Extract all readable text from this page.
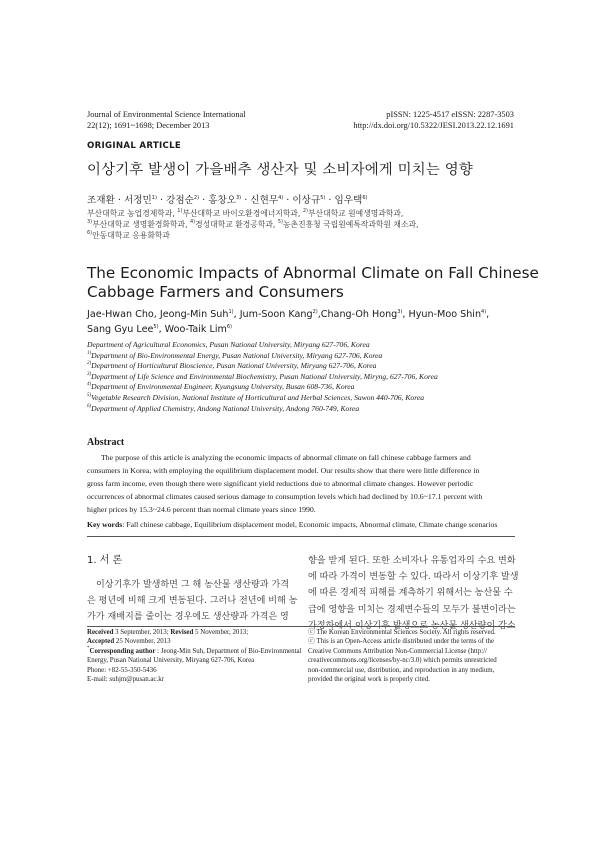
Journal of Environmental Science International
22(12); 1691~1698; December 2013
pISSN: 1225-4517 eISSN: 2287-3503
http://dx.doi.org/10.5322/JESI.2013.22.12.1691
ORIGINAL ARTICLE
이상기후 발생이 가을배추 생산자 및 소비자에게 미치는 영향
조재환 · 서정민$^{1)}$ · 강점순$^{2)}$ · 홍창오$^{3)}$ · 신현무$^{4)}$ · 이상규$^{5)}$ · 임우택$^{6)}$
부산대학교 농업경제학과, $^{1)}$부산대학교 바이오환경에너지학과, $^{2)}$부산대학교 원예생명과학과,
$^{3)}$부산대학교 생명환경화학과, $^{4)}$경성대학교 환경공학과, $^{5)}$농촌진흥청 국립원예특작과학원 채소과,
$^{6)}$안동대학교 응용화학과
The Economic Impacts of Abnormal Climate on Fall Chinese
Cabbage Farmers and Consumers
Jae-Hwan Cho, Jeong-Min Suh$^{1)}$, Jum-Soon Kang$^{2)}$,Chang-Oh Hong$^{3)}$, Hyun-Moo Shin$^{4)}$,
Sang Gyu Lee$^{5)}$, Woo-Taik Lim$^{6)}$
Department of Agricultural Economics, Pusan National University, Miryang 627-706, Korea
$^{1)}$Department of Bio-Environmental Energy, Pusan National University, Miryang 627-706, Korea
$^{2)}$Department of Horticultural Bioscience, Pusan National University, Miryang 627-706, Korea
$^{3)}$Department of Life Science and Environmental Biochemistry, Pusan National University, Miryng, 627-706, Korea
$^{4)}$Department of Environmental Engineer, Kyungsung University, Busan 608-736, Korea
$^{5)}$Vegetable Research Division, National Institute of Horticultural and Herbal Sciences, Suwon 440-706, Korea
$^{6)}$Department of Applied Chemistry, Andong National University, Andong 760-749, Korea
Abstract
The purpose of this article is analyzing the economic impacts of abnormal climate on fall chinese cabbage farmers and
consumers in Korea, with employing the equilibrium displacement model. Our results show that there were little difference in
gross farm income, even though there were significant yield reductions due to abnormal climate changes. However periodic
occurrences of abnormal climates caused serious damage to consumption levels which had declined by 10.6~17.1 percent with
higher prices by 15.3~24.6 percent than normal climate years since 1990.
Key words: Fall chinese cabbage, Equilibrium displacement model, Economic impacts, Abnormal climate, Climate change scenarios
1. 서 론
이상기후가 발생하면 그 해 농산물 생산량과 가격
은 평년에 비해 크게 변동된다. 그러나 전년에 비해 농
가가 재배지를 줄이는 경우에도 생산량과 가격은 영
향을 받게 된다. 또한 소비자나 유통업자의 수요 변화
에 따라 가격이 변동할 수 있다. 따라서 이상기후 발생
에 따른 경제적 피해를 계측하기 위해서는 농산물 수
급에 영향을 미치는 경제변수들의 모두가 불변이라는
가정하에서 이상기후 발생으로 농산물 생산량이 감소
Received 3 September, 2013; Revised 5 November, 2013;
Accepted 25 November, 2013
*Corresponding author : Jeong-Min Suh, Department of Bio-Environmental
Energy, Pusan National University, Miryang 627-706, Korea
Phone: +82-55-350-5436
E-mail: suhjm@pusan.ac.kr
ⓒ The Korean Environmental Sciences Society. All rights reserved.
ⓒ This is an Open-Access article distributed under the terms of the
Creative Commons Attribution Non-Commercial License (http://
creativecommons.org/licenses/by-nc/3.0) which permits unrestricted
non-commercial use, distribution, and reproduction in any medium,
provided the original work is properly cited.
